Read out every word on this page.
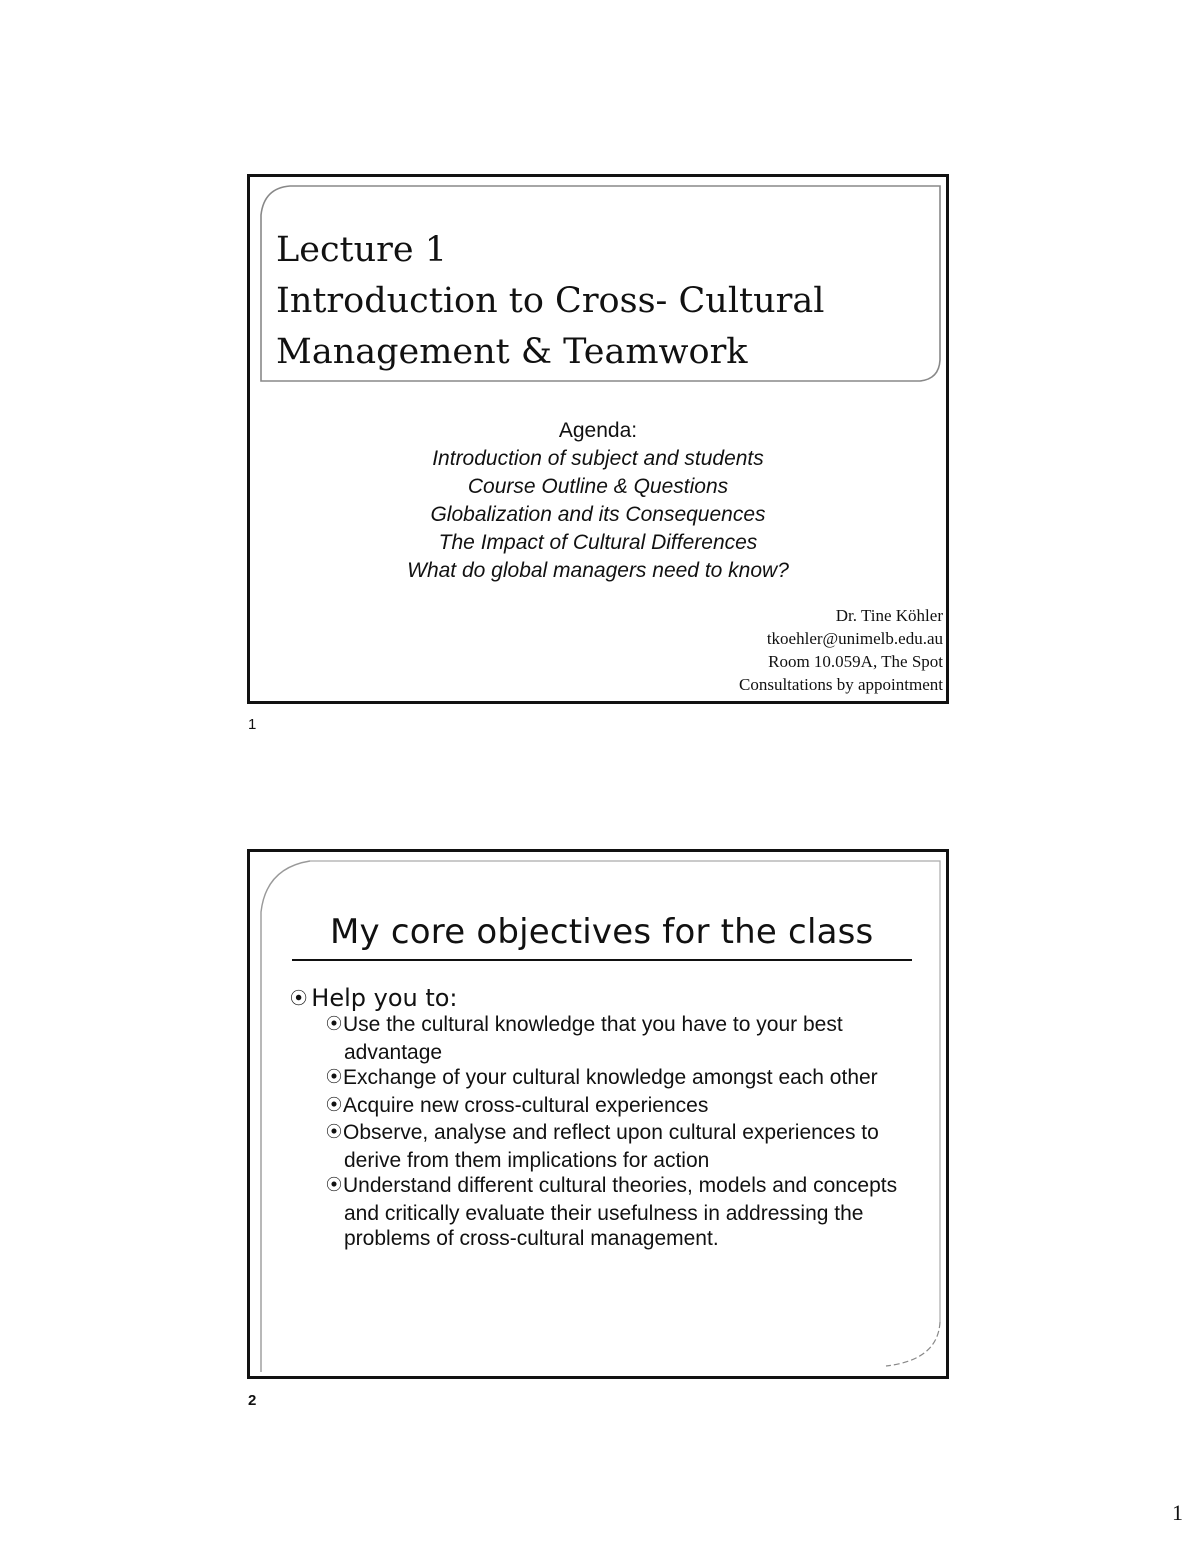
Lecture 1
Introduction to Cross- Cultural
Management & Teamwork
Agenda:
Introduction of subject and students
Course Outline & Questions
Globalization and its Consequences
The Impact of Cultural Differences
What do global managers need to know?
Dr. Tine Köhler
tkoehler@unimelb.edu.au
Room 10.059A, The Spot
Consultations by appointment
1
My core objectives for the class
⦿ Help you to:
⦿Use the cultural knowledge that you have to your best advantage
⦿Exchange of your cultural knowledge amongst each other
⦿Acquire new cross-cultural experiences
⦿Observe, analyse and reflect upon cultural experiences to derive from them implications for action
⦿Understand different cultural theories, models and concepts and critically evaluate their usefulness in addressing the problems of cross-cultural management.
2
1
